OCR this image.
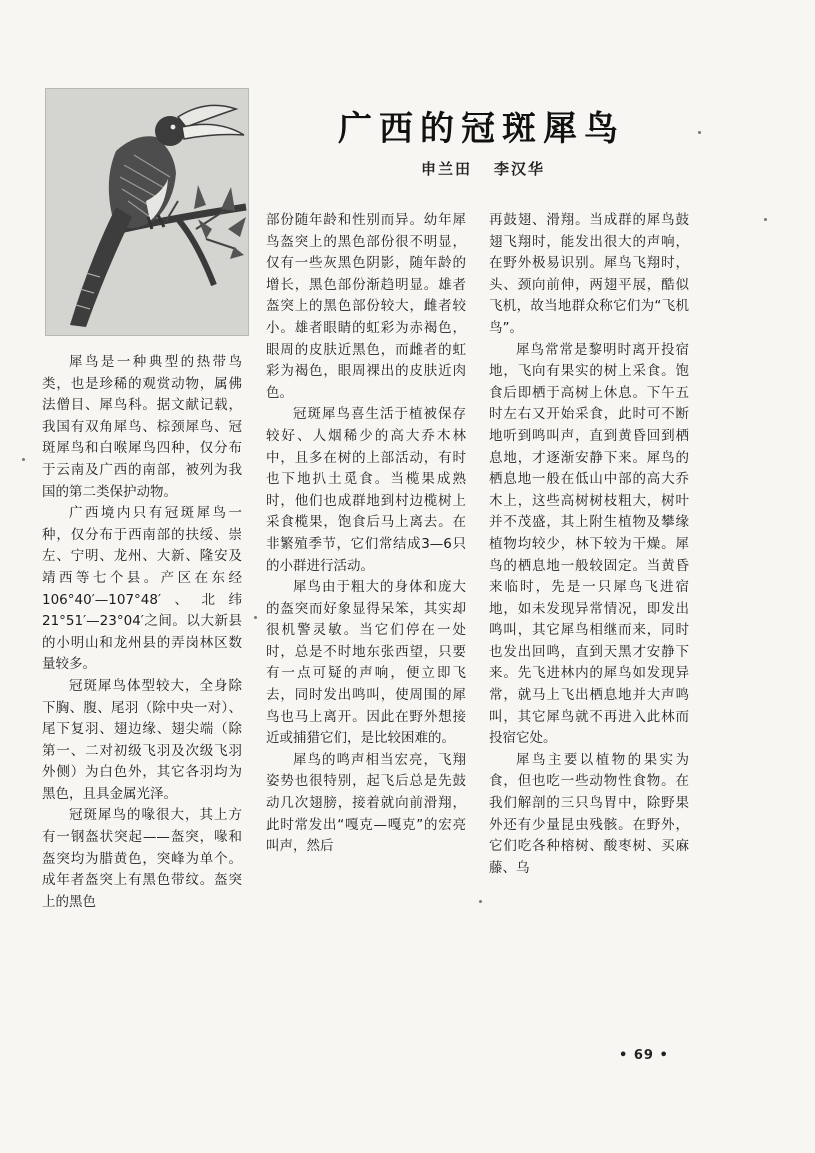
广西的冠斑犀鸟
申兰田 李汉华

犀鸟是一种典型的热带鸟类，也是珍稀的观赏动物，属佛法僧目、犀鸟科。据文献记载，我国有双角犀鸟、棕颈犀鸟、冠斑犀鸟和白喉犀鸟四种，仅分布于云南及广西的南部，被列为我国的第二类保护动物。

广西境内只有冠斑犀鸟一种，仅分布于西南部的扶绥、崇左、宁明、龙州、大新、隆安及靖西等七个县。产区在东经106°40′—107°48′、北纬21°51′—23°04′之间。以大新县的小明山和龙州县的弄岗林区数量较多。

冠斑犀鸟体型较大，全身除下胸、腹、尾羽（除中央一对）、尾下复羽、翅边缘、翅尖端（除第一、二对初级飞羽及次级飞羽外侧）为白色外，其它各羽均为黑色，且具金属光泽。

冠斑犀鸟的喙很大，其上方有一钢盔状突起——盔突，喙和盔突均为腊黄色，突峰为单个。成年者盔突上有黑色带纹。盔突上的黑色

部份随年龄和性别而异。幼年犀鸟盔突上的黑色部份很不明显，仅有一些灰黑色阴影，随年龄的增长，黑色部份渐趋明显。雄者盔突上的黑色部份较大，雌者较小。雄者眼睛的虹彩为赤褐色，眼周的皮肤近黑色，而雌者的虹彩为褐色，眼周裸出的皮肤近肉色。

冠斑犀鸟喜生活于植被保存较好、人烟稀少的高大乔木林中，且多在树的上部活动，有时也下地扒土觅食。当榄果成熟时，他们也成群地到村边榄树上采食榄果，饱食后马上离去。在非繁殖季节，它们常结成3—6只的小群进行活动。

犀鸟由于粗大的身体和庞大的盔突而好象显得呆笨，其实却很机警灵敏。当它们停在一处时，总是不时地东张西望，只要有一点可疑的声响，便立即飞去，同时发出鸣叫，使周围的犀鸟也马上离开。因此在野外想接近或捕猎它们，是比较困难的。

犀鸟的鸣声相当宏亮，飞翔姿势也很特别，起飞后总是先鼓动几次翅膀，接着就向前滑翔，此时常发出“嘎克—嘎克”的宏亮叫声，然后

再鼓翅、滑翔。当成群的犀鸟鼓翅飞翔时，能发出很大的声响，在野外极易识别。犀鸟飞翔时，头、颈向前伸，两翅平展，酷似飞机，故当地群众称它们为“飞机鸟”。

犀鸟常常是黎明时离开投宿地，飞向有果实的树上采食。饱食后即栖于高树上休息。下午五时左右又开始采食，此时可不断地听到鸣叫声，直到黄昏回到栖息地，才逐渐安静下来。犀鸟的栖息地一般在低山中部的高大乔木上，这些高树树枝粗大，树叶并不茂盛，其上附生植物及攀缘植物均较少，林下较为干燥。犀鸟的栖息地一般较固定。当黄昏来临时，先是一只犀鸟飞进宿地，如未发现异常情况，即发出鸣叫，其它犀鸟相继而来，同时也发出回鸣，直到天黑才安静下来。先飞进林内的犀鸟如发现异常，就马上飞出栖息地并大声鸣叫，其它犀鸟就不再进入此林而投宿它处。

犀鸟主要以植物的果实为食，但也吃一些动物性食物。在我们解剖的三只鸟胃中，除野果外还有少量昆虫残骸。在野外，它们吃各种榕树、酸枣树、买麻藤、乌

• 69 •
